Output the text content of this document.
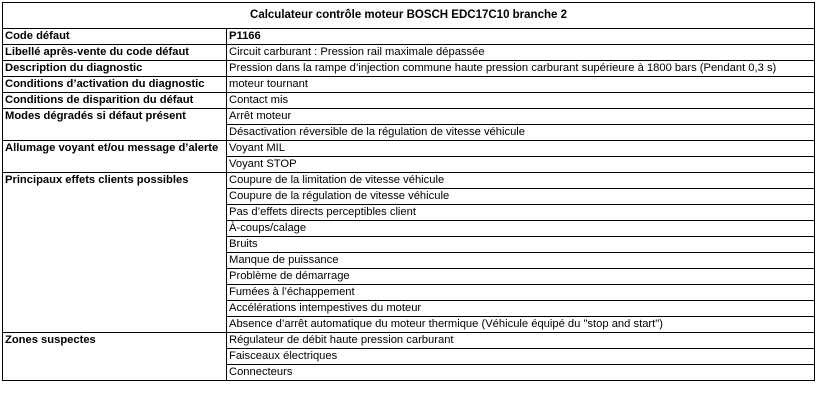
Calculateur contrôle moteur BOSCH EDC17C10 branche 2	
Code défaut	P1166
Libellé après-vente du code défaut	Circuit carburant : Pression rail maximale dépassée
Description du diagnostic	Pression dans la rampe d’injection commune haute pression carburant supérieure à 1800 bars (Pendant 0,3 s)
Conditions d’activation du diagnostic	moteur tournant
Conditions de disparition du défaut	Contact mis
Modes dégradés si défaut présent	Arrêt moteur
	Désactivation réversible de la régulation de vitesse véhicule
Allumage voyant et/ou message d’alerte	Voyant MIL
	Voyant STOP
Principaux effets clients possibles	Coupure de la limitation de vitesse véhicule
	Coupure de la régulation de vitesse véhicule
	Pas d’effets directs perceptibles client
	À-coups/calage
	Bruits
	Manque de puissance
	Problème de démarrage
	Fumées à l’échappement
	Accélérations intempestives du moteur
	Absence d’arrêt automatique du moteur thermique (Véhicule équipé du "stop and start")
Zones suspectes	Régulateur de débit haute pression carburant
	Faisceaux électriques
	Connecteurs
